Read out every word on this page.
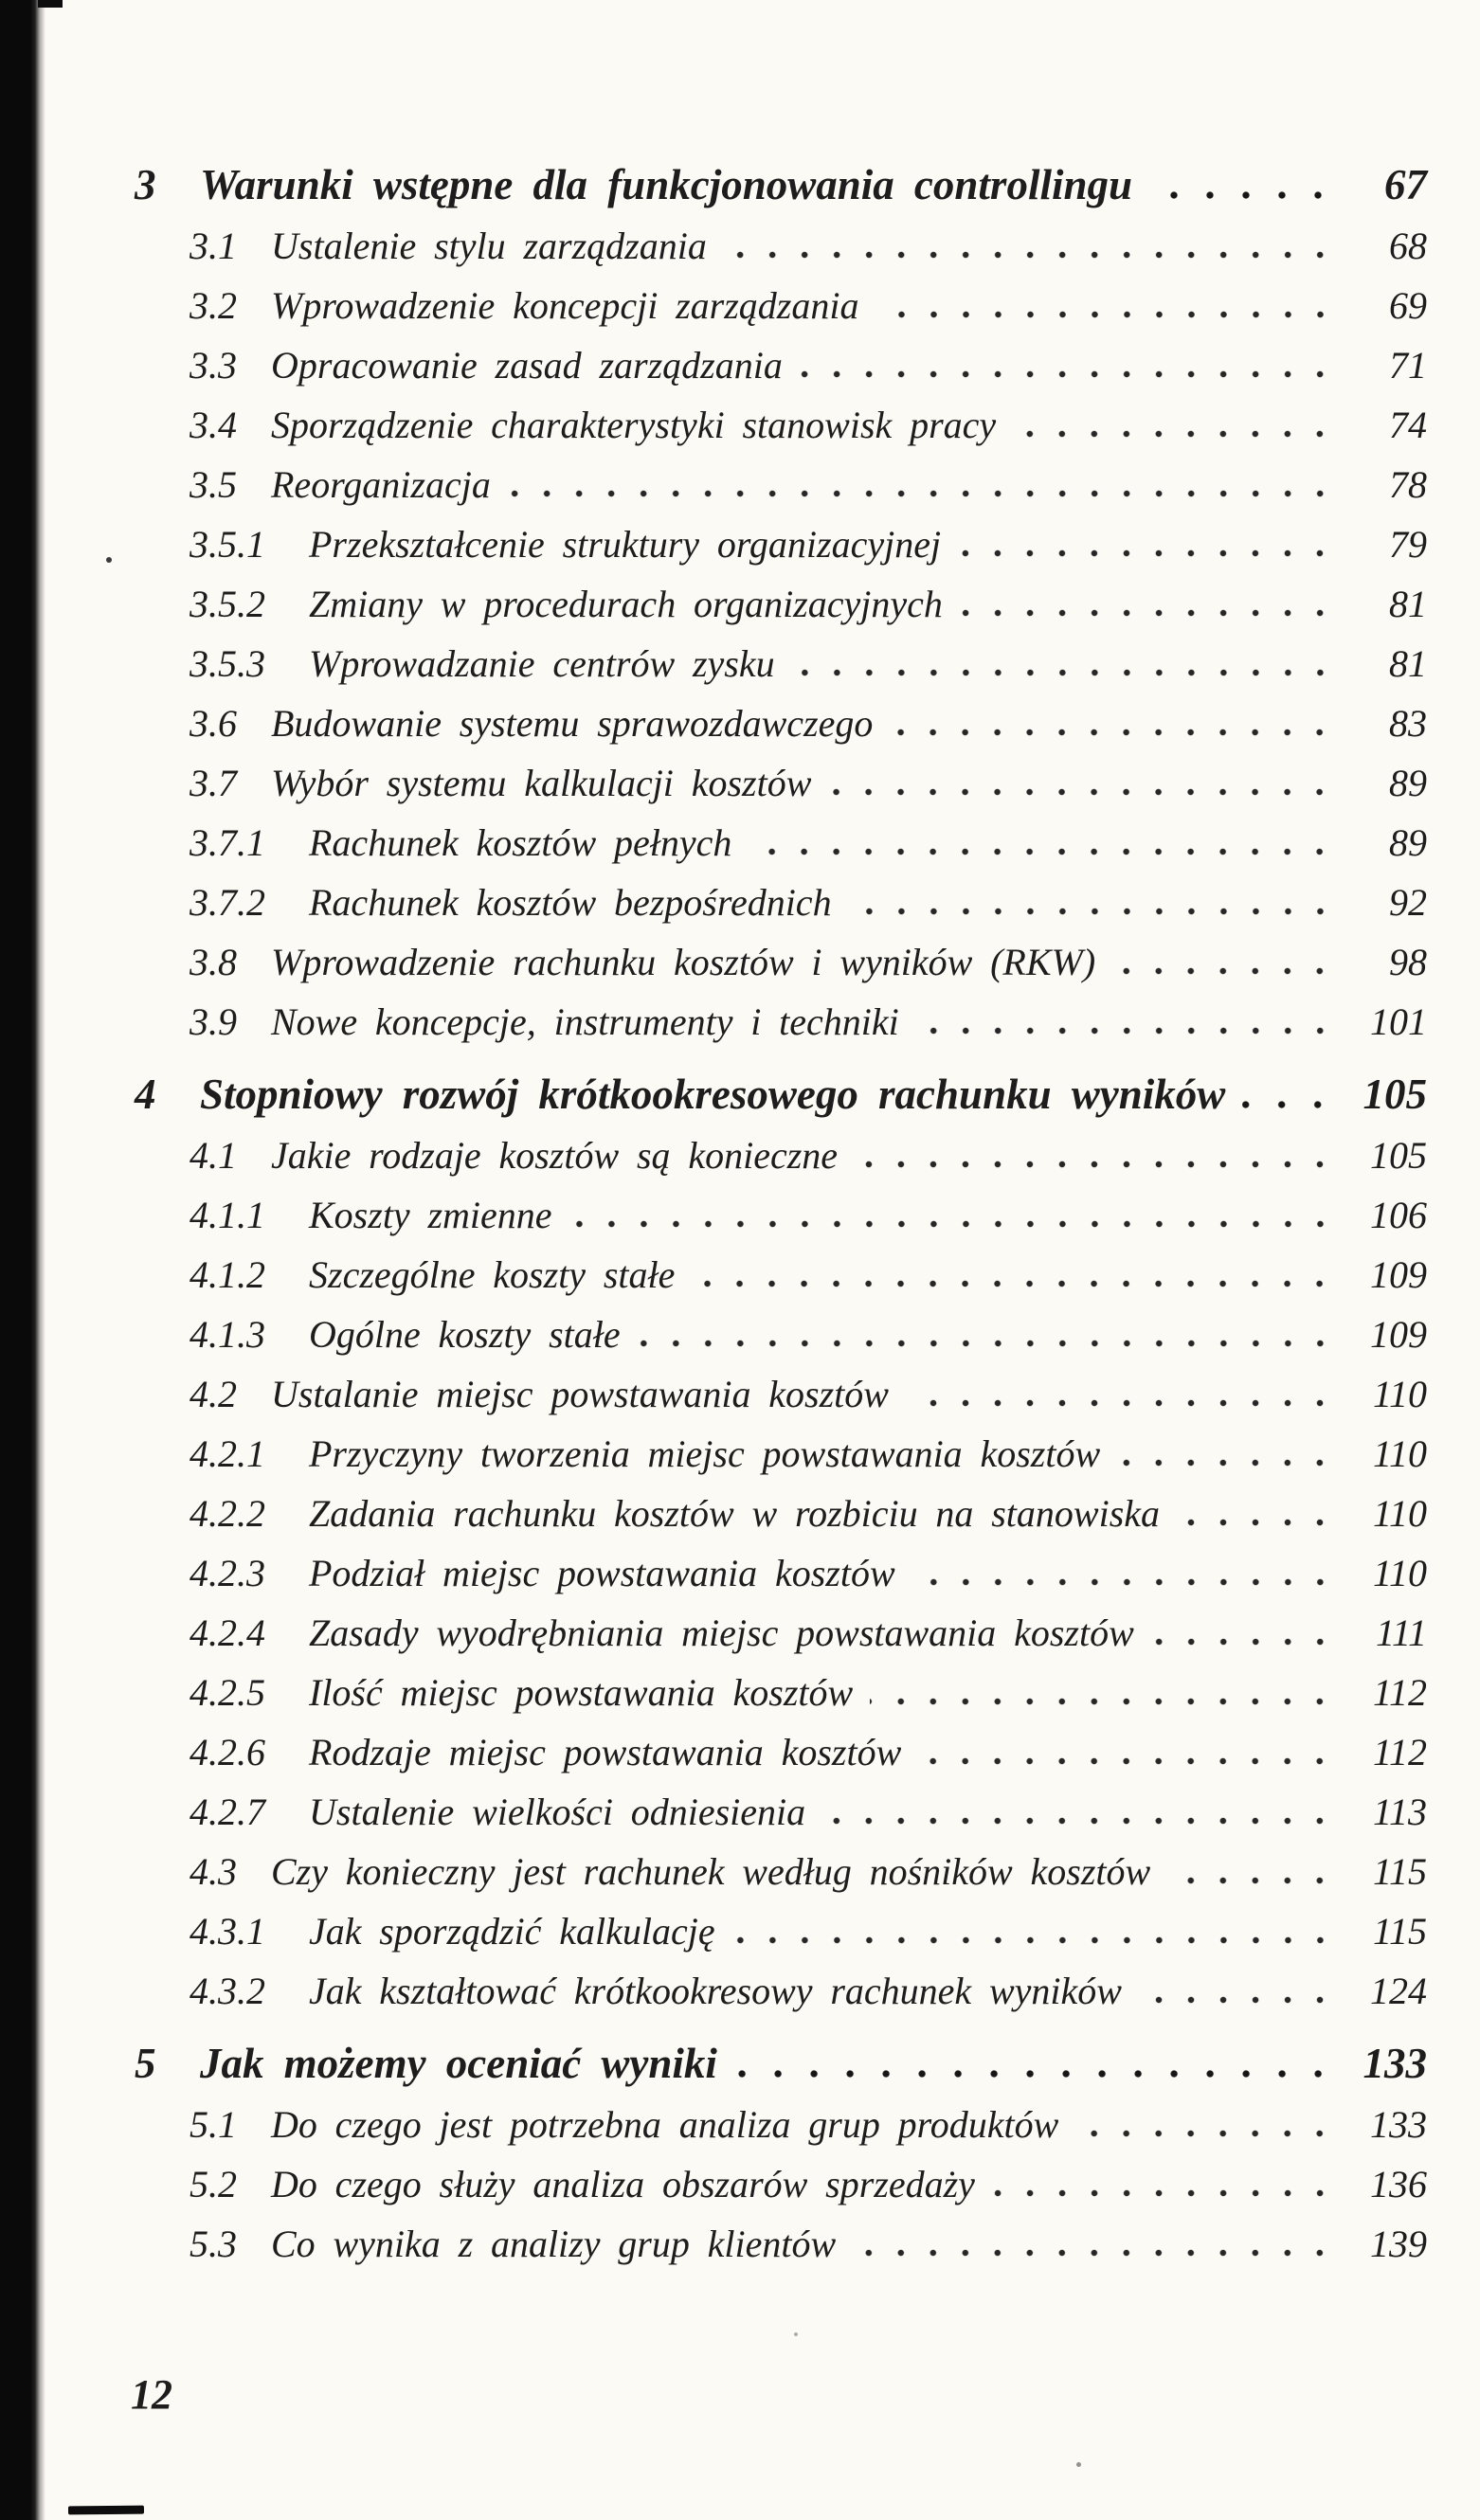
3	Warunki wstępne dla funkcjonowania controllingu	67
3.1 Ustalenie stylu zarządzania	68
3.2 Wprowadzenie koncepcji zarządzania	69
3.3 Opracowanie zasad zarządzania	71
3.4 Sporządzenie charakterystyki stanowisk pracy	74
3.5 Reorganizacja	78
3.5.1	Przekształcenie struktury organizacyjnej	79
3.5.2	Zmiany w procedurach organizacyjnych	81
3.5.3	Wprowadzanie centrów zysku	81
3.6 Budowanie systemu sprawozdawczego	83
3.7 Wybór systemu kalkulacji kosztów	89
3.7.1	Rachunek kosztów pełnych	89
3.7.2	Rachunek kosztów bezpośrednich	92
3.8 Wprowadzenie rachunku kosztów i wyników (RKW)	98
3.9 Nowe koncepcje, instrumenty i techniki	101
4	Stopniowy rozwój krótkookresowego rachunku wyników	105
4.1 Jakie rodzaje kosztów są konieczne	105
4.1.1	Koszty zmienne	106
4.1.2	Szczególne koszty stałe	109
4.1.3	Ogólne koszty stałe	109
4.2 Ustalanie miejsc powstawania kosztów	110
4.2.1	Przyczyny tworzenia miejsc powstawania kosztów	110
4.2.2	Zadania rachunku kosztów w rozbiciu na stanowiska	110
4.2.3	Podział miejsc powstawania kosztów	110
4.2.4	Zasady wyodrębniania miejsc powstawania kosztów	111
4.2.5	Ilość miejsc powstawania kosztów	112
4.2.6	Rodzaje miejsc powstawania kosztów	112
4.2.7	Ustalenie wielkości odniesienia	113
4.3 Czy konieczny jest rachunek według nośników kosztów	115
4.3.1	Jak sporządzić kalkulację	115
4.3.2	Jak kształtować krótkookresowy rachunek wyników	124
5	Jak możemy oceniać wyniki	133
5.1 Do czego jest potrzebna analiza grup produktów	133
5.2 Do czego służy analiza obszarów sprzedaży	136
5.3 Co wynika z analizy grup klientów	139
12
